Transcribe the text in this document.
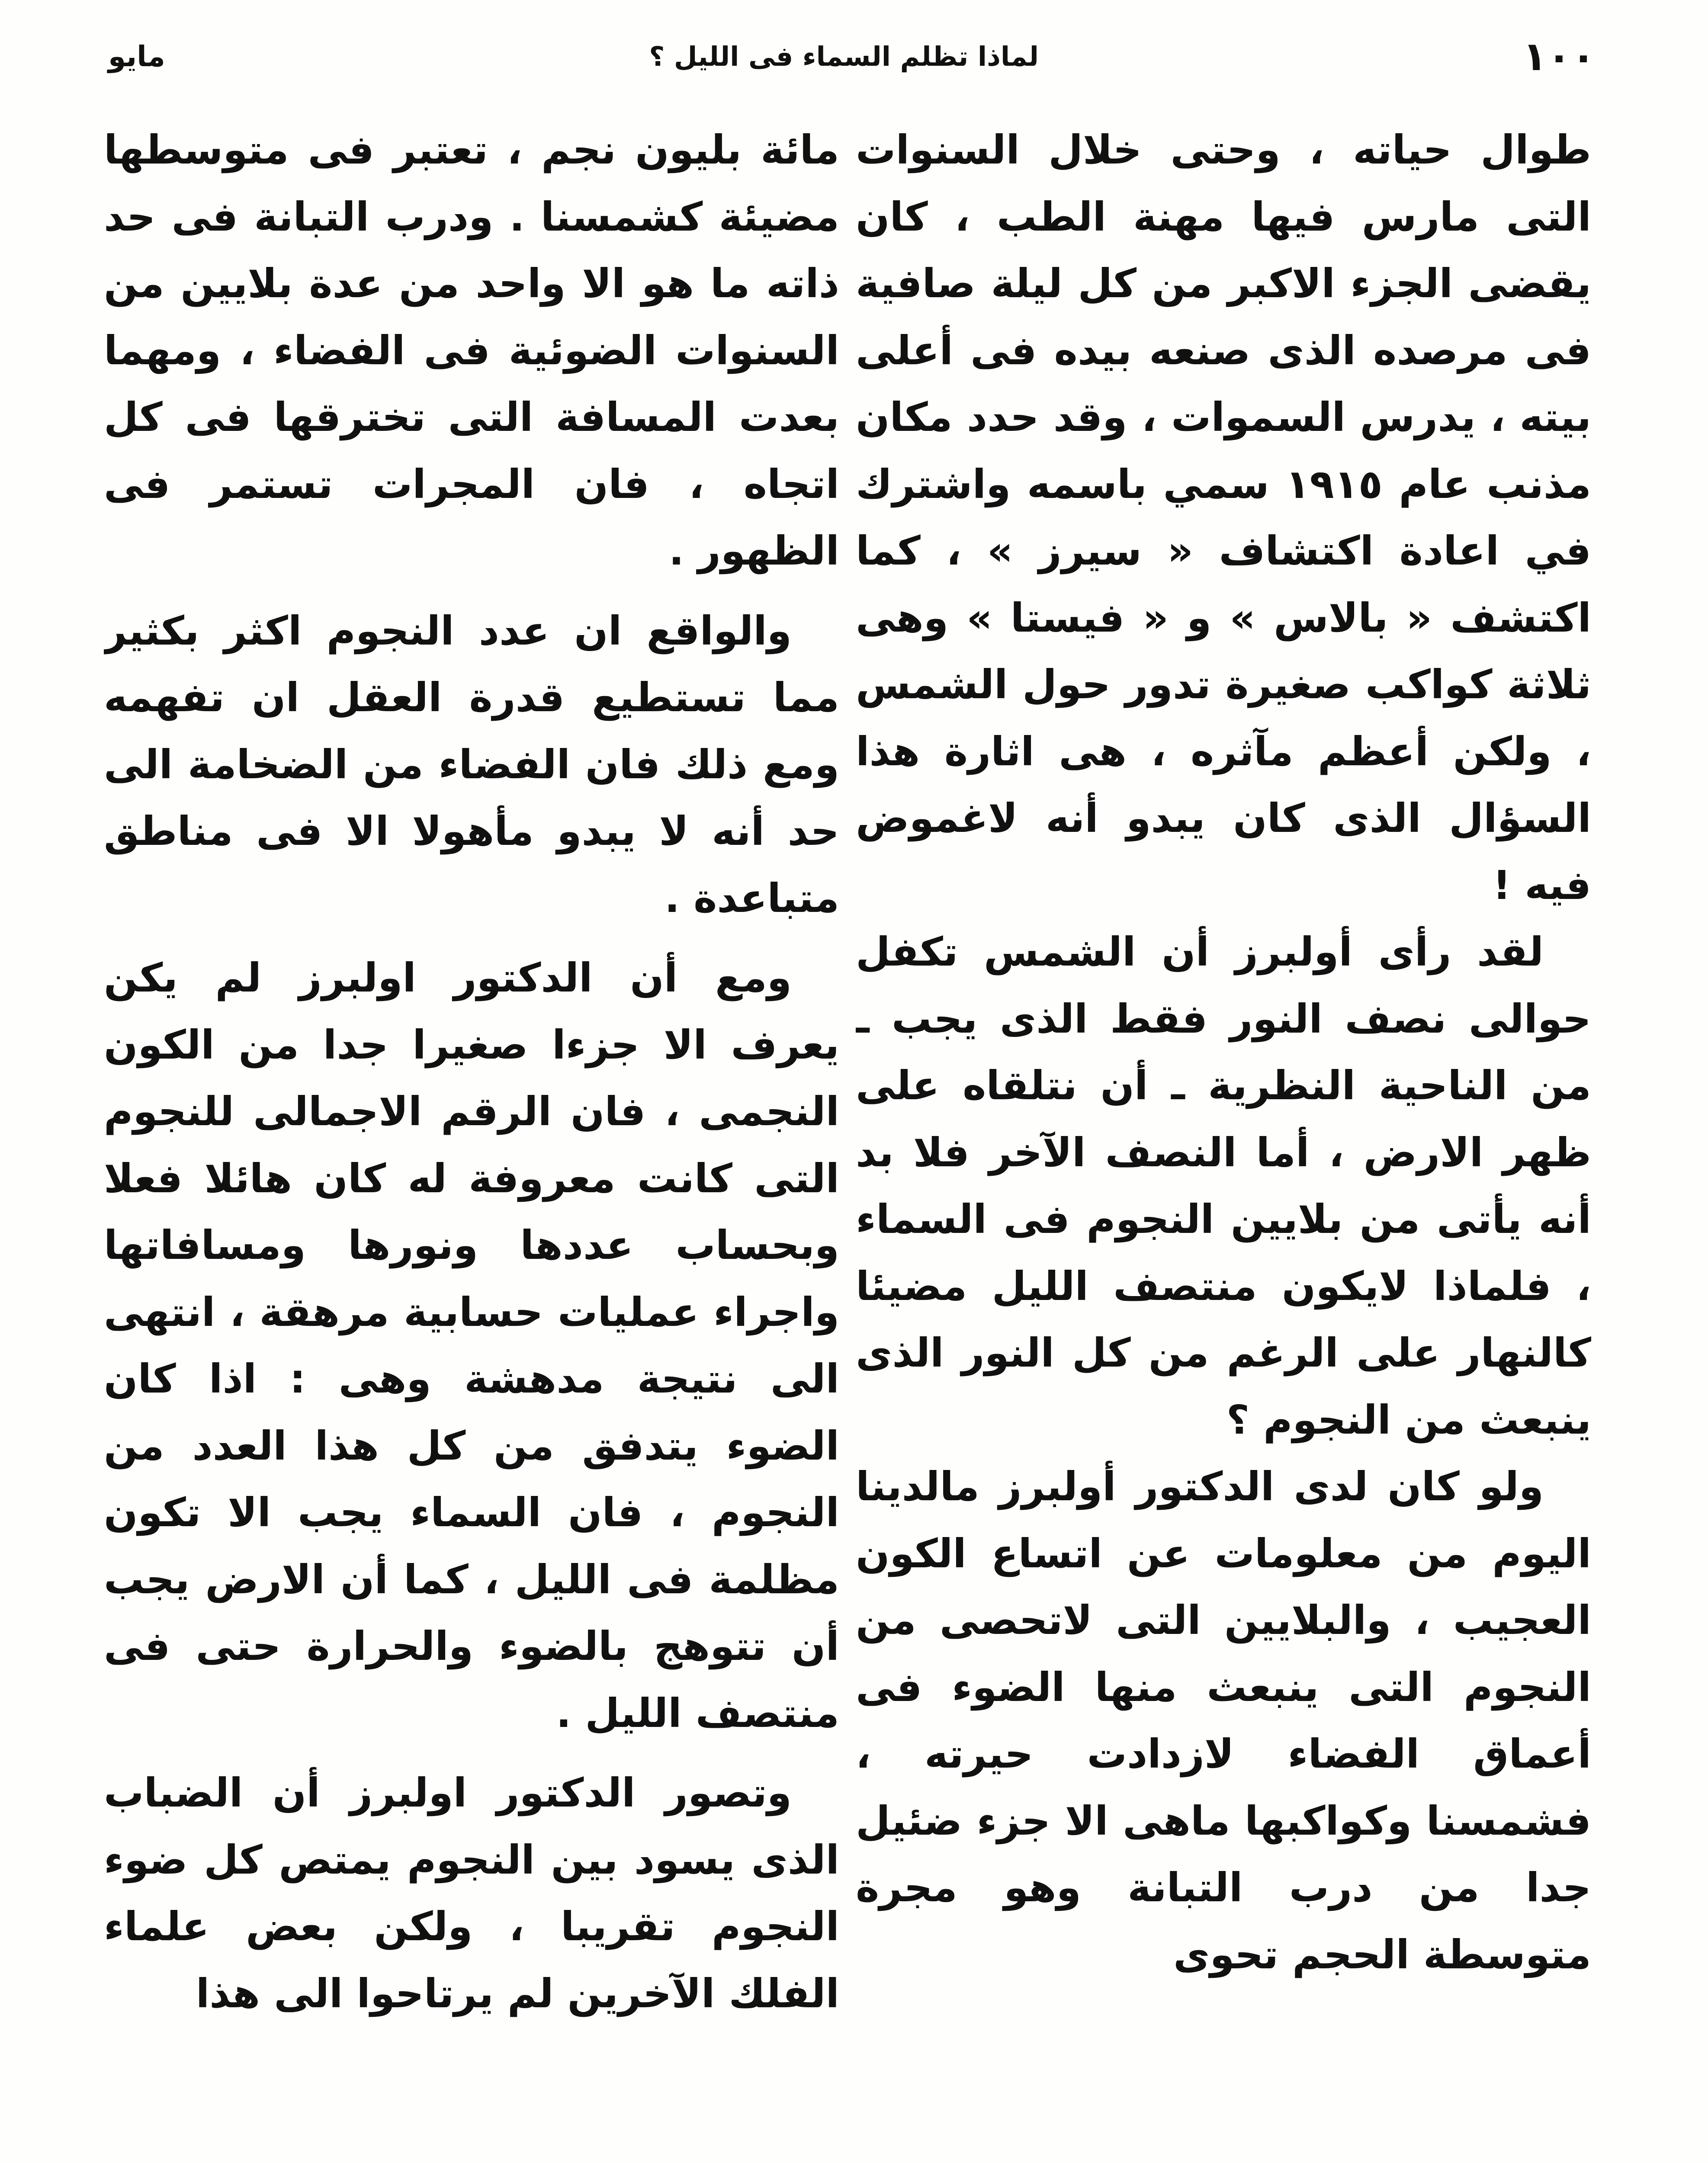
١٠٠
لماذا تظلم السماء فى الليل ؟
مايو

طوال حياته ، وحتى خلال السنوات التى مارس فيها مهنة الطب ، كان يقضى الجزء الاكبر من كل ليلة صافية فى مرصده الذى صنعه بيده فى أعلى بيته ، يدرس السموات ، وقد حدد مكان مذنب عام ١٩١٥ سمي باسمه واشترك في اعادة اكتشاف « سيرز » ، كما اكتشف « بالاس » و « فيستا » وهى ثلاثة كواكب صغيرة تدور حول الشمس ، ولكن أعظم مآثره ، هى اثارة هذا السؤال الذى كان يبدو أنه لاغموض فيه !

لقد رأى أولبرز أن الشمس تكفل حوالى نصف النور فقط الذى يجب ـ من الناحية النظرية ـ أن نتلقاه على ظهر الارض ، أما النصف الآخر فلا بد أنه يأتى من بلايين النجوم فى السماء ، فلماذا لايكون منتصف الليل مضيئا كالنهار على الرغم من كل النور الذى ينبعث من النجوم ؟

ولو كان لدى الدكتور أولبرز مالدينا اليوم من معلومات عن اتساع الكون العجيب ، والبلايين التى لاتحصى من النجوم التى ينبعث منها الضوء فى أعماق الفضاء لازدادت حيرته ، فشمسنا وكواكبها ماهى الا جزء ضئيل جدا من درب التبانة وهو مجرة متوسطة الحجم تحوى

مائة بليون نجم ، تعتبر فى متوسطها مضيئة كشمسنا . ودرب التبانة فى حد ذاته ما هو الا واحد من عدة بلايين من السنوات الضوئية فى الفضاء ، ومهما بعدت المسافة التى تخترقها فى كل اتجاه ، فان المجرات تستمر فى الظهور .

والواقع ان عدد النجوم اكثر بكثير مما تستطيع قدرة العقل ان تفهمه ومع ذلك فان الفضاء من الضخامة الى حد أنه لا يبدو مأهولا الا فى مناطق متباعدة .

ومع أن الدكتور اولبرز لم يكن يعرف الا جزءا صغيرا جدا من الكون النجمى ، فان الرقم الاجمالى للنجوم التى كانت معروفة له كان هائلا فعلا وبحساب عددها ونورها ومسافاتها واجراء عمليات حسابية مرهقة ، انتهى الى نتيجة مدهشة وهى : اذا كان الضوء يتدفق من كل هذا العدد من النجوم ، فان السماء يجب الا تكون مظلمة فى الليل ، كما أن الارض يجب أن تتوهج بالضوء والحرارة حتى فى منتصف الليل .

وتصور الدكتور اولبرز أن الضباب الذى يسود بين النجوم يمتص كل ضوء النجوم تقريبا ، ولكن بعض علماء الفلك الآخرين لم يرتاحوا الى هذا
